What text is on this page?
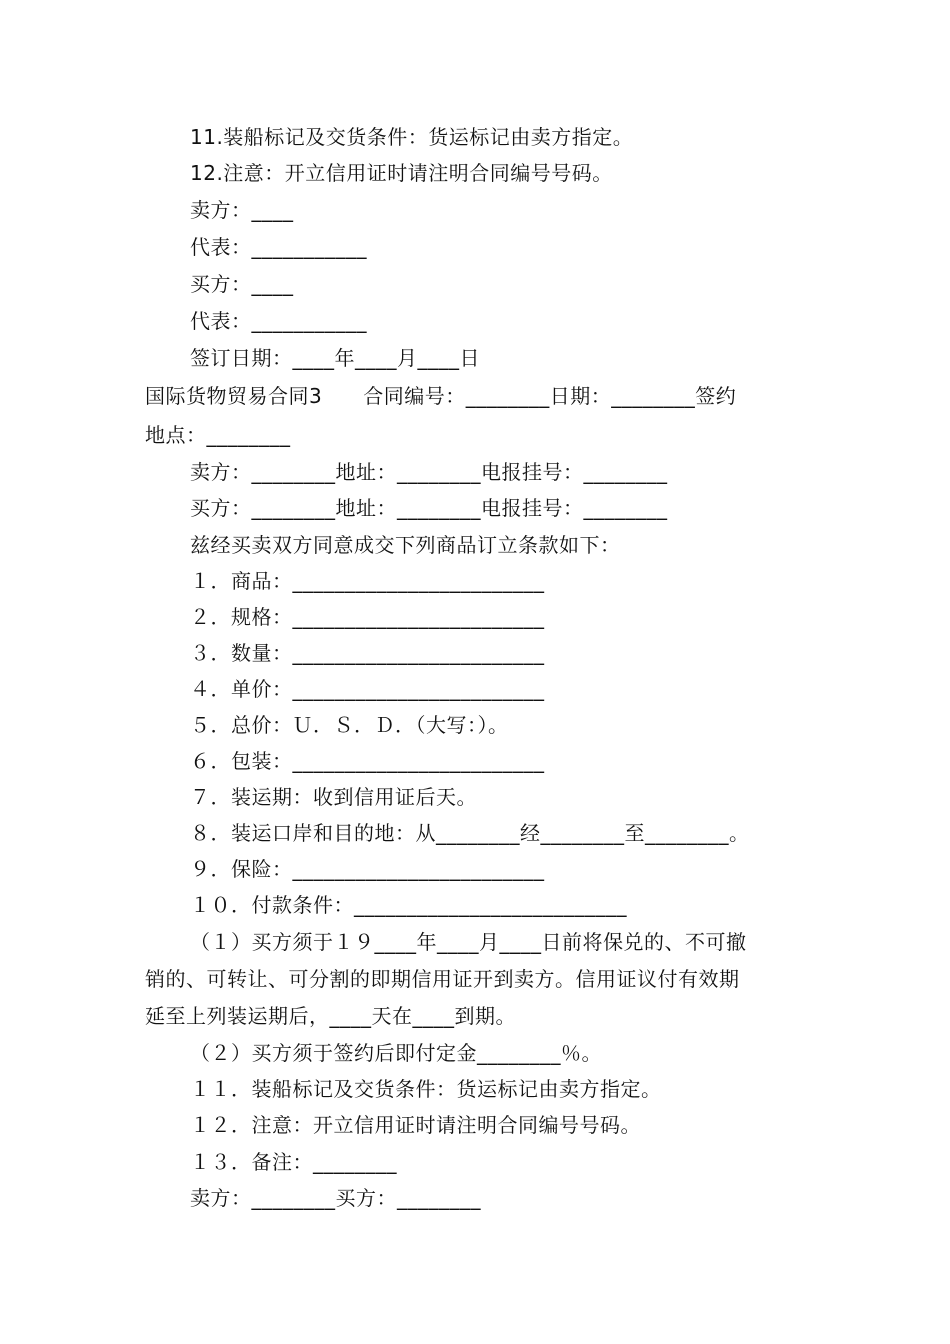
11.装船标记及交货条件：货运标记由卖方指定。
12.注意：开立信用证时请注明合同编号号码。
卖方：____
代表：___________
买方：____
代表：___________
签订日期：____年____月____日
国际货物贸易合同3　　合同编号：________日期：________签约
地点：________
卖方：________地址：________电报挂号：________
买方：________地址：________电报挂号：________
兹经买卖双方同意成交下列商品订立条款如下：
１．商品：________________________
２．规格：________________________
３．数量：________________________
４．单价：________________________
５．总价：Ｕ．Ｓ．Ｄ．（大写：）。
６．包装：________________________
７．装运期：收到信用证后天。
８．装运口岸和目的地：从________经________至________。
９．保险：________________________
１０．付款条件：__________________________
（１）买方须于１９____年____月____日前将保兑的、不可撤
销的、可转让、可分割的即期信用证开到卖方。信用证议付有效期
延至上列装运期后，____天在____到期。
（２）买方须于签约后即付定金________％。
１１．装船标记及交货条件：货运标记由卖方指定。
１２．注意：开立信用证时请注明合同编号号码。
１３．备注：________
卖方：________买方：________
